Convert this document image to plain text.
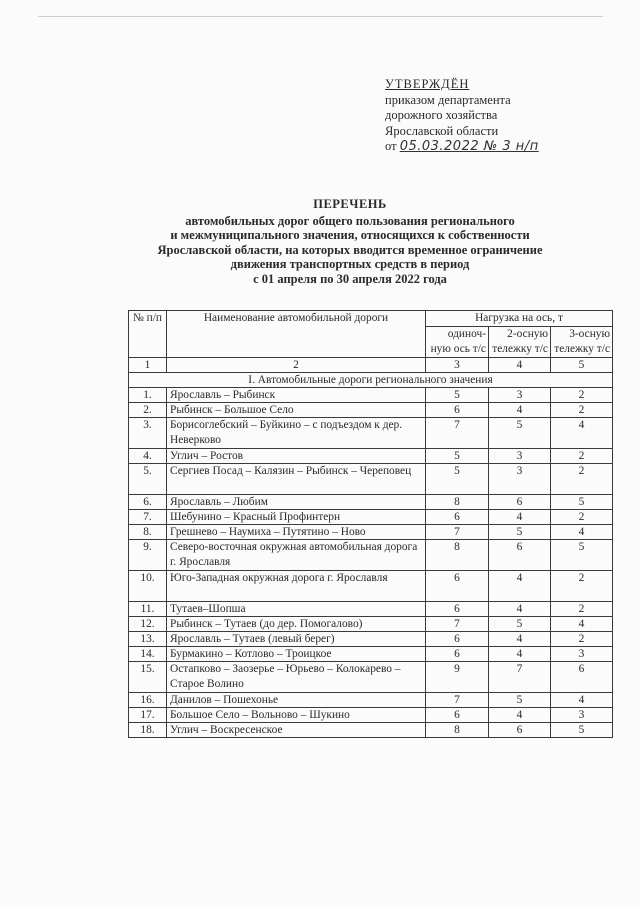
УТВЕРЖДЁН
приказом департамента
дорожного хозяйства
Ярославской области
от 05.03.2022 № 3 н/п
ПЕРЕЧЕНЬ
автомобильных дорог общего пользования регионального
и межмуниципального значения, относящихся к собственности
Ярославской области, на которых вводится временное ограничение
движения транспортных средств в период
с 01 апреля по 30 апреля 2022 года
№ п/п	Наименование автомобильной дороги	Нагрузка на ось, т		
		одиноч-ную ось т/с	2-осную тележку т/с	3-осную тележку т/с
1	2	3	4	5
I. Автомобильные дороги регионального значения				
1.	Ярославль – Рыбинск	5	3	2
2.	Рыбинск – Большое Село	6	4	2
3.	Борисоглебский – Буйкино – с подъездом к дер. Неверково	7	5	4
4.	Углич – Ростов	5	3	2
5.	Сергиев Посад – Калязин – Рыбинск – Череповец	5	3	2
6.	Ярославль – Любим	8	6	5
7.	Шебунино – Красный Профинтерн	6	4	2
8.	Грешнево – Наумиха – Путятино – Ново	7	5	4
9.	Северо-восточная окружная автомобильная дорога г. Ярославля	8	6	5
10.	Юго-Западная окружная дорога г. Ярославля	6	4	2
11.	Тутаев–Шопша	6	4	2
12.	Рыбинск – Тутаев (до дер. Помогалово)	7	5	4
13.	Ярославль – Тутаев (левый берег)	6	4	2
14.	Бурмакино – Котлово – Троицкое	6	4	3
15.	Остапково – Заозерье – Юрьево – Колокарево – Старое Волино	9	7	6
16.	Данилов – Пошехонье	7	5	4
17.	Большое Село – Вольново – Шукино	6	4	3
18.	Углич – Воскресенское	8	6	5
